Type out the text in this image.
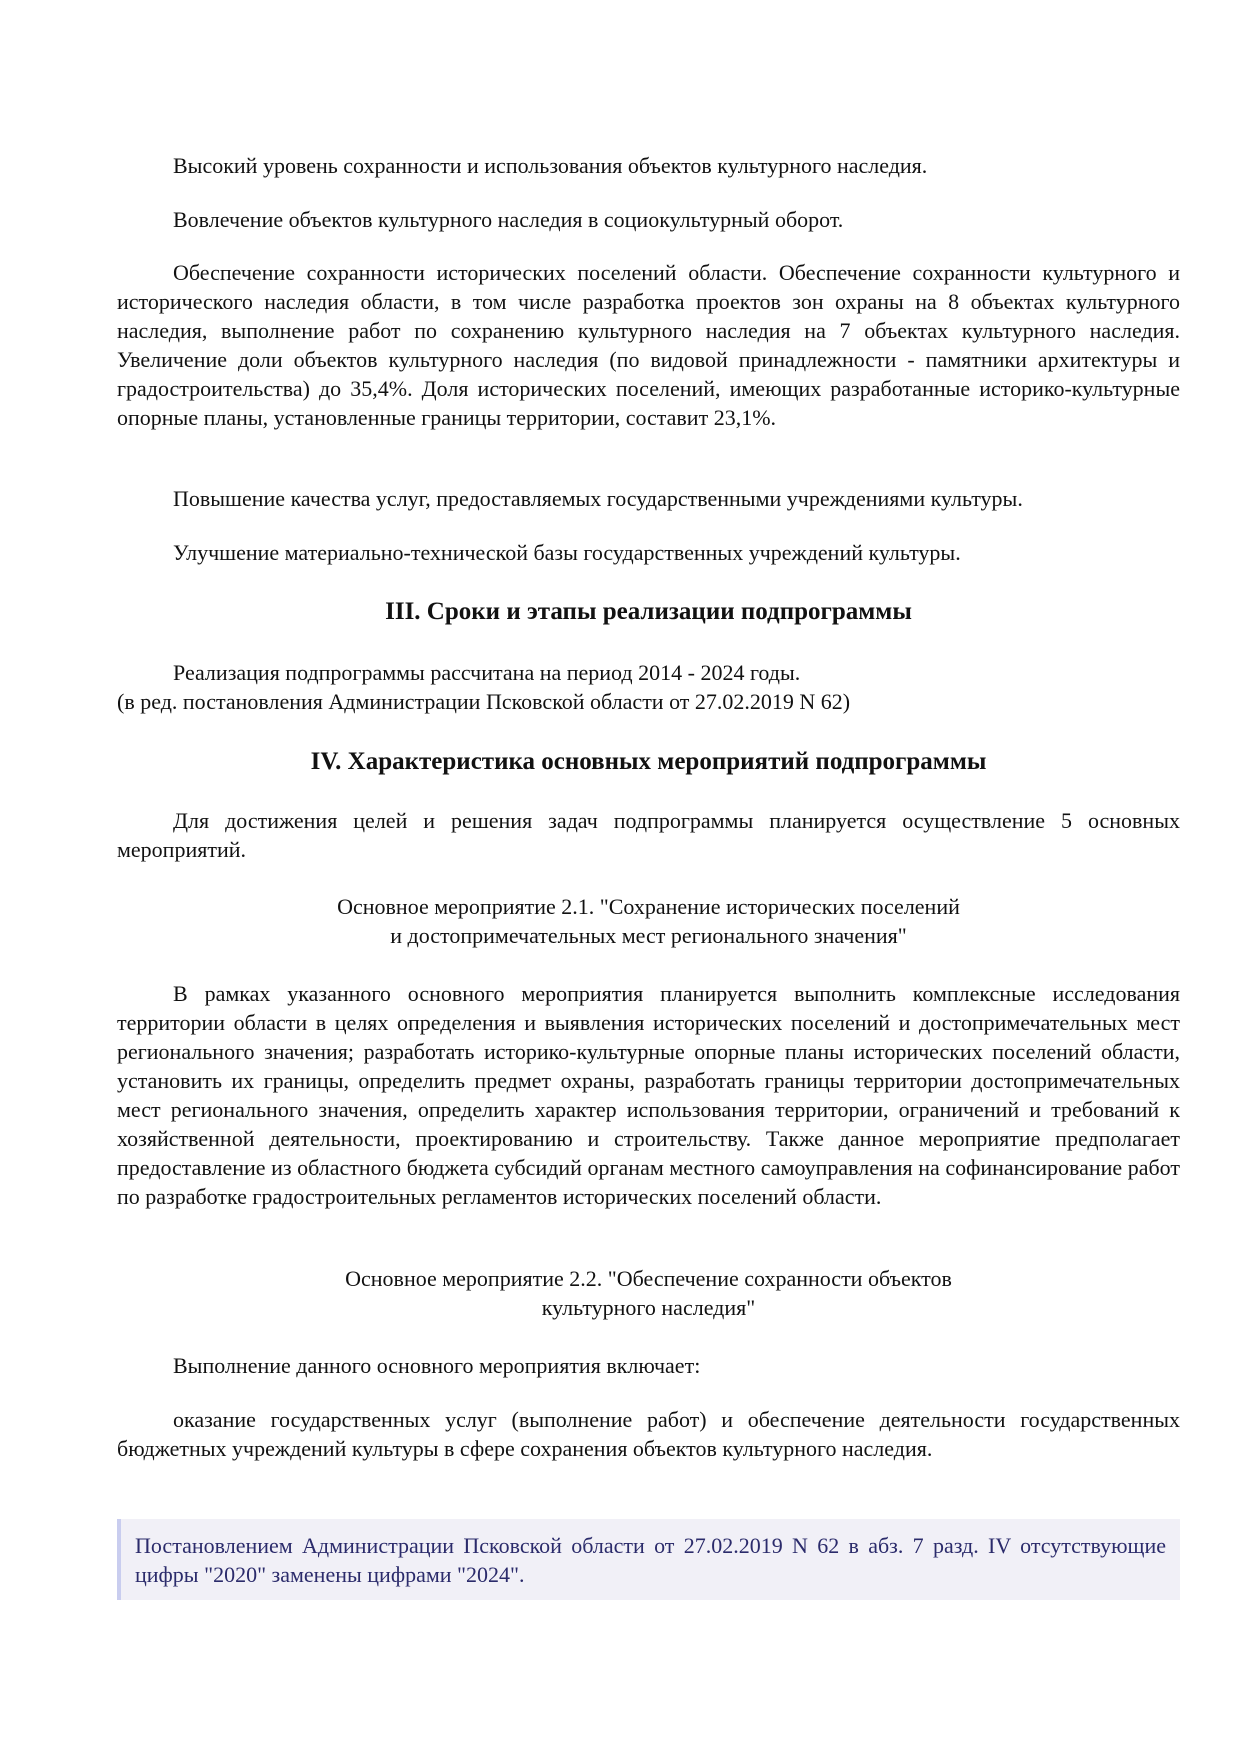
Высокий уровень сохранности и использования объектов культурного наследия.

Вовлечение объектов культурного наследия в социокультурный оборот.

Обеспечение сохранности исторических поселений области. Обеспечение сохранности культурного и исторического наследия области, в том числе разработка проектов зон охраны на 8 объектах культурного наследия, выполнение работ по сохранению культурного наследия на 7 объектах культурного наследия. Увеличение доли объектов культурного наследия (по видовой принадлежности - памятники архитектуры и градостроительства) до 35,4%. Доля исторических поселений, имеющих разработанные историко-культурные опорные планы, установленные границы территории, составит 23,1%.

Повышение качества услуг, предоставляемых государственными учреждениями культуры.

Улучшение материально-технической базы государственных учреждений культуры.

III. Сроки и этапы реализации подпрограммы

Реализация подпрограммы рассчитана на период 2014 - 2024 годы.

(в ред. постановления Администрации Псковской области от 27.02.2019 N 62)

IV. Характеристика основных мероприятий подпрограммы

Для достижения целей и решения задач подпрограммы планируется осуществление 5 основных мероприятий.

Основное мероприятие 2.1. "Сохранение исторических поселений
и достопримечательных мест регионального значения"

В рамках указанного основного мероприятия планируется выполнить комплексные исследования территории области в целях определения и выявления исторических поселений и достопримечательных мест регионального значения; разработать историко-культурные опорные планы исторических поселений области, установить их границы, определить предмет охраны, разработать границы территории достопримечательных мест регионального значения, определить характер использования территории, ограничений и требований к хозяйственной деятельности, проектированию и строительству. Также данное мероприятие предполагает предоставление из областного бюджета субсидий органам местного самоуправления на софинансирование работ по разработке градостроительных регламентов исторических поселений области.

Основное мероприятие 2.2. "Обеспечение сохранности объектов
культурного наследия"

Выполнение данного основного мероприятия включает:

оказание государственных услуг (выполнение работ) и обеспечение деятельности государственных бюджетных учреждений культуры в сфере сохранения объектов культурного наследия.

Постановлением Администрации Псковской области от 27.02.2019 N 62 в абз. 7 разд. IV отсутствующие цифры "2020" заменены цифрами "2024".
